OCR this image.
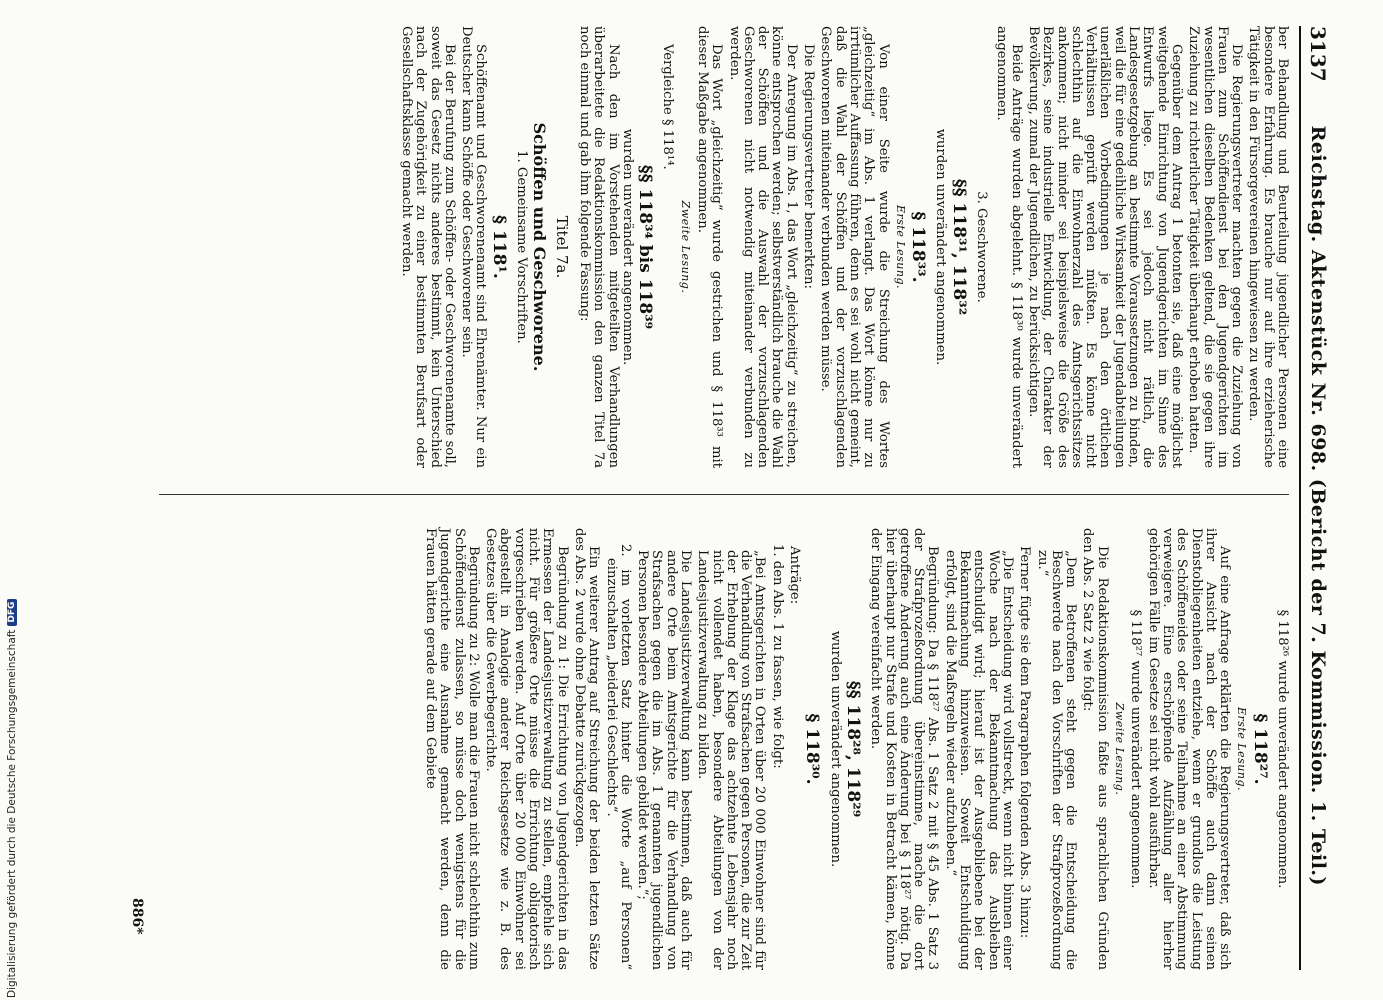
3137
Reichstag. Aktenstück Nr. 698. (Bericht der 7. Kommission. 1. Teil.)

ber Behandlung und Beurteilung jugendlicher Personen eine besondere Erfahrung. Es brauche nur auf ihre erzieherische Tätigkeit in den Fürsorgevereinen hingewiesen zu werden.

Die Regierungsvertreter machten gegen die Zuziehung von Frauen zum Schöffendienst bei den Jugendgerichten im wesentlichen dieselben Bedenken geltend, die sie gegen ihre Zuziehung zu richterlicher Tätigkeit überhaupt erhoben hatten.

Gegenüber dem Antrag 1 betonten sie, daß eine möglichst weitgehende Einrichtung von Jugendgerichten im Sinne des Entwurfs liege. Es sei jedoch nicht rätlich, die Landesgesetzgebung an bestimmte Voraussetzungen zu binden, weil die für eine gedeihliche Wirksamkeit der Jugendabteilungen unerläßlichen Vorbedingungen je nach den örtlichen Verhältnissen geprüft werden müßten. Es könne nicht schlechthin auf die Einwohnerzahl des Amtsgerichtssitzes ankommen; nicht minder sei beispielsweise die Größe des Bezirkes, seine industrielle Entwicklung, der Charakter der Bevölkerung, zumal der Jugendlichen, zu berücksichtigen.

Beide Anträge wurden abgelehnt. § 118³⁰ wurde unverändert angenommen.

3. Geschworene.
§§ 118³¹, 118³²
wurden unverändert angenommen.
§ 118³³.
Erste Lesung.

Von einer Seite wurde die Streichung des Wortes „gleichzeitig“ im Abs. 1 verlangt. Das Wort könne nur zu irrtümlicher Auffassung führen, denn es sei wohl nicht gemeint, daß die Wahl der Schöffen und der vorzuschlagenden Geschworenen miteinander verbunden werden müsse.

Die Regierungsvertreter bemerkten:

Der Anregung im Abs. 1, das Wort „gleichzeitig“ zu streichen, könne entsprochen werden; selbstverständlich brauche die Wahl der Schöffen und die Auswahl der vorzuschlagenden Geschworenen nicht notwendig miteinander verbunden zu werden.

Das Wort „gleichzeitig“ wurde gestrichen und § 118³³ mit dieser Maßgabe angenommen.

Zweite Lesung.

Vergleiche § 118¹⁴.

§§ 118³⁴ bis 118³⁹
wurden unverändert angenommen.

Nach den im Vorstehenden mitgeteilten Verhandlungen überarbeitete die Redaktionskommission den ganzen Titel 7a noch einmal und gab ihm folgende Fassung:

Titel 7a.
Schöffen und Geschworene.
1. Gemeinsame Vorschriften.
§ 118¹.

Schöffenamt und Geschworenenamt sind Ehrenämter. Nur ein Deutscher kann Schöffe oder Geschworener sein.

Bei der Berufung zum Schöffen- oder Geschworenenamte soll, soweit das Gesetz nichts anderes bestimmt, kein Unterschied nach der Zugehörigkeit zu einer bestimmten Berufsart oder Gesellschaftsklasse gemacht werden.

§ 118²⁶ wurde unverändert angenommen.
§ 118²⁷.
Erste Lesung.

Auf eine Anfrage erklärten die Regierungsvertreter, daß sich ihrer Ansicht nach der Schöffe auch dann seinen Dienstobliegenheiten entziehe, wenn er grundlos die Leistung des Schöffeneides oder seine Teilnahme an einer Abstimmung verweigere. Eine erschöpfende Aufzählung aller hierher gehörigen Fälle im Gesetze sei nicht wohl ausführbar.

§ 118²⁷ wurde unverändert angenommen.
Zweite Lesung.

Die Redaktionskommission faßte aus sprachlichen Gründen den Abs. 2 Satz 2 wie folgt:

„Dem Betroffenen steht gegen die Entscheidung die Beschwerde nach den Vorschriften der Strafprozeßordnung zu.“

Ferner fügte sie dem Paragraphen folgenden Abs. 3 hinzu:

„Die Entscheidung wird vollstreckt, wenn nicht binnen einer Woche nach der Bekanntmachung das Ausbleiben entschuldigt wird; hierauf ist der Ausgebliebene bei der Bekanntmachung hinzuweisen. Soweit Entschuldigung erfolgt, sind die Maßregeln wieder aufzuheben.“

Begründung: Da § 118²⁷ Abs. 1 Satz 2 mit § 45 Abs. 1 Satz 3 der Strafprozeßordnung übereinstimme, mache die dort getroffene Änderung auch eine Änderung bei § 118²⁷ nötig. Da hier überhaupt nur Strafe und Kosten in Betracht kämen, könne der Eingang vereinfacht werden.

§§ 118²⁸, 118²⁹
wurden unverändert angenommen.
§ 118³⁰.

Anträge:

1. den Abs. 1 zu fassen, wie folgt:

„Bei Amtsgerichten in Orten über 20 000 Einwohner sind für die Verhandlung von Strafsachen gegen Personen, die zur Zeit der Erhebung der Klage das achtzehnte Lebensjahr noch nicht vollendet haben, besondere Abteilungen von der Landesjustizverwaltung zu bilden.

Die Landesjustizverwaltung kann bestimmen, daß auch für andere Orte beim Amtsgerichte für die Verhandlung von Strafsachen gegen die im Abs. 1 genannten jugendlichen Personen besondere Abteilungen gebildet werden.“;

2. im vorletzten Satz hinter die Worte „auf Personen“ einzuschalten „beiderlei Geschlechts“.

Ein weiterer Antrag auf Streichung der beiden letzten Sätze des Abs. 2 wurde ohne Debatte zurückgezogen.

Begründung zu 1: Die Errichtung von Jugendgerichten in das Ermessen der Landesjustizverwaltung zu stellen, empfehle sich nicht. Für größere Orte müsse die Errichtung obligatorisch vorgeschrieben werden. Auf Orte über 20 000 Einwohner sei abgestellt in Analogie anderer Reichsgesetze wie z. B. des Gesetzes über die Gewerbegerichte.

Begründung zu 2: Wolle man die Frauen nicht schlechthin zum Schöffendienst zulassen, so müsse doch wenigstens für die Jugendgerichte eine Ausnahme gemacht werden, denn die Frauen hätten gerade auf dem Gebiete

886*
Digitalisierung gefördert durch die Deutsche Forschungsgemeinschaft
DFG
